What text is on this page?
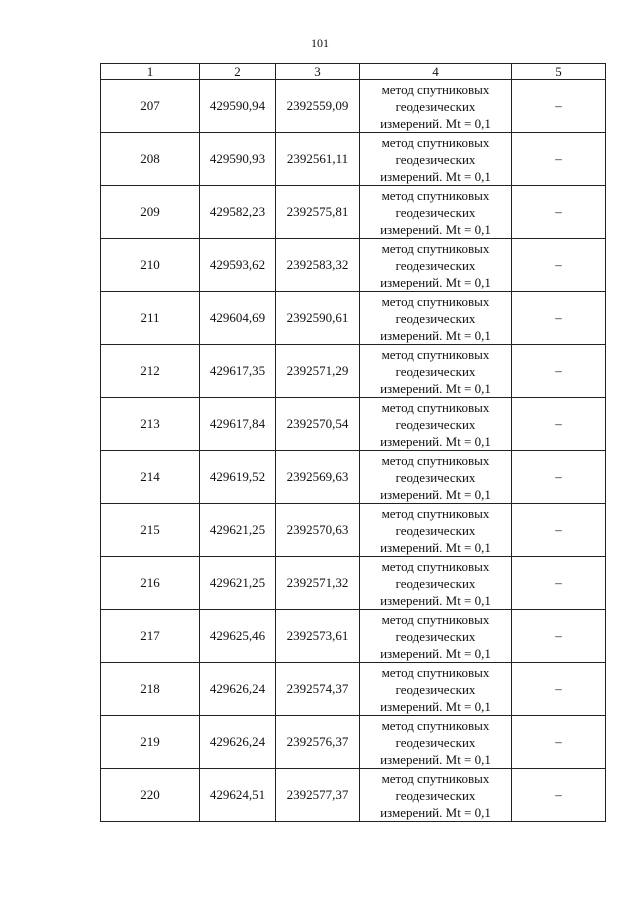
101
1	2	3	4	5
207	429590,94	2392559,09	метод спутниковых
геодезических
измерений. Mt = 0,1	–
208	429590,93	2392561,11	метод спутниковых
геодезических
измерений. Mt = 0,1	–
209	429582,23	2392575,81	метод спутниковых
геодезических
измерений. Mt = 0,1	–
210	429593,62	2392583,32	метод спутниковых
геодезических
измерений. Mt = 0,1	–
211	429604,69	2392590,61	метод спутниковых
геодезических
измерений. Mt = 0,1	–
212	429617,35	2392571,29	метод спутниковых
геодезических
измерений. Mt = 0,1	–
213	429617,84	2392570,54	метод спутниковых
геодезических
измерений. Mt = 0,1	–
214	429619,52	2392569,63	метод спутниковых
геодезических
измерений. Mt = 0,1	–
215	429621,25	2392570,63	метод спутниковых
геодезических
измерений. Mt = 0,1	–
216	429621,25	2392571,32	метод спутниковых
геодезических
измерений. Mt = 0,1	–
217	429625,46	2392573,61	метод спутниковых
геодезических
измерений. Mt = 0,1	–
218	429626,24	2392574,37	метод спутниковых
геодезических
измерений. Mt = 0,1	–
219	429626,24	2392576,37	метод спутниковых
геодезических
измерений. Mt = 0,1	–
220	429624,51	2392577,37	метод спутниковых
геодезических
измерений. Mt = 0,1	–
